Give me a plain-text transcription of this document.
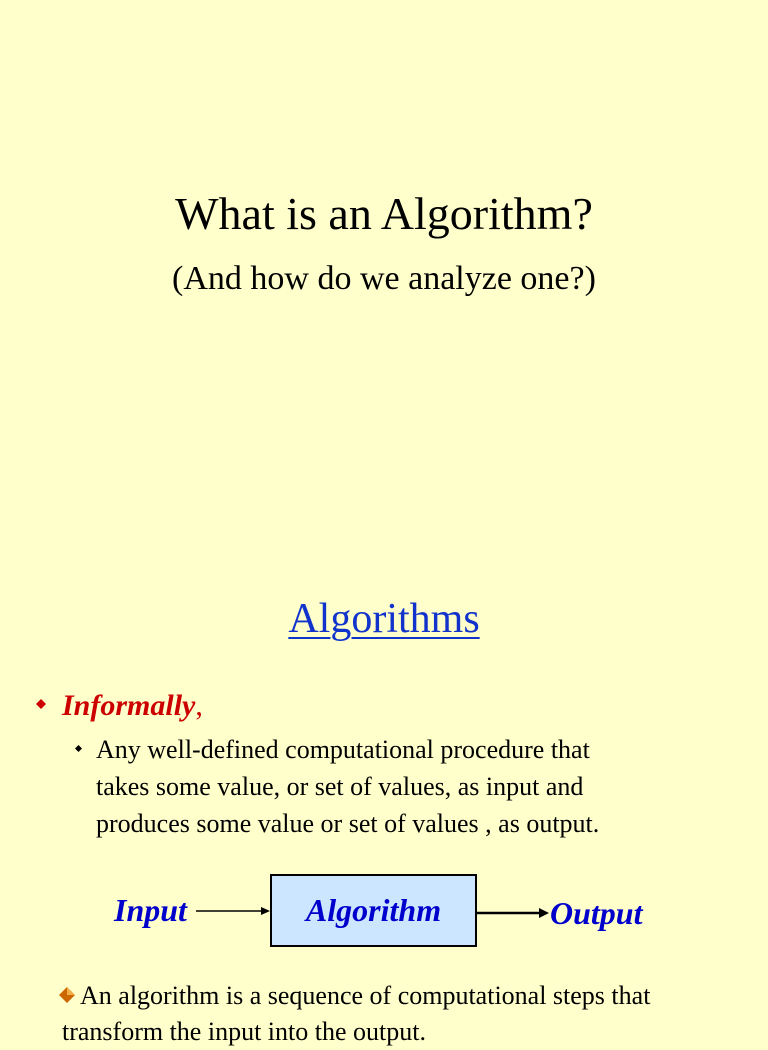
What is an Algorithm?
(And how do we analyze one?)
Algorithms
Informally,
Any well-defined computational procedure that
takes some value, or set of values, as input and
produces some value or set of values , as output.
Input	Algorithm	Output
An algorithm is a sequence of computational steps that
transform the input into the output.
